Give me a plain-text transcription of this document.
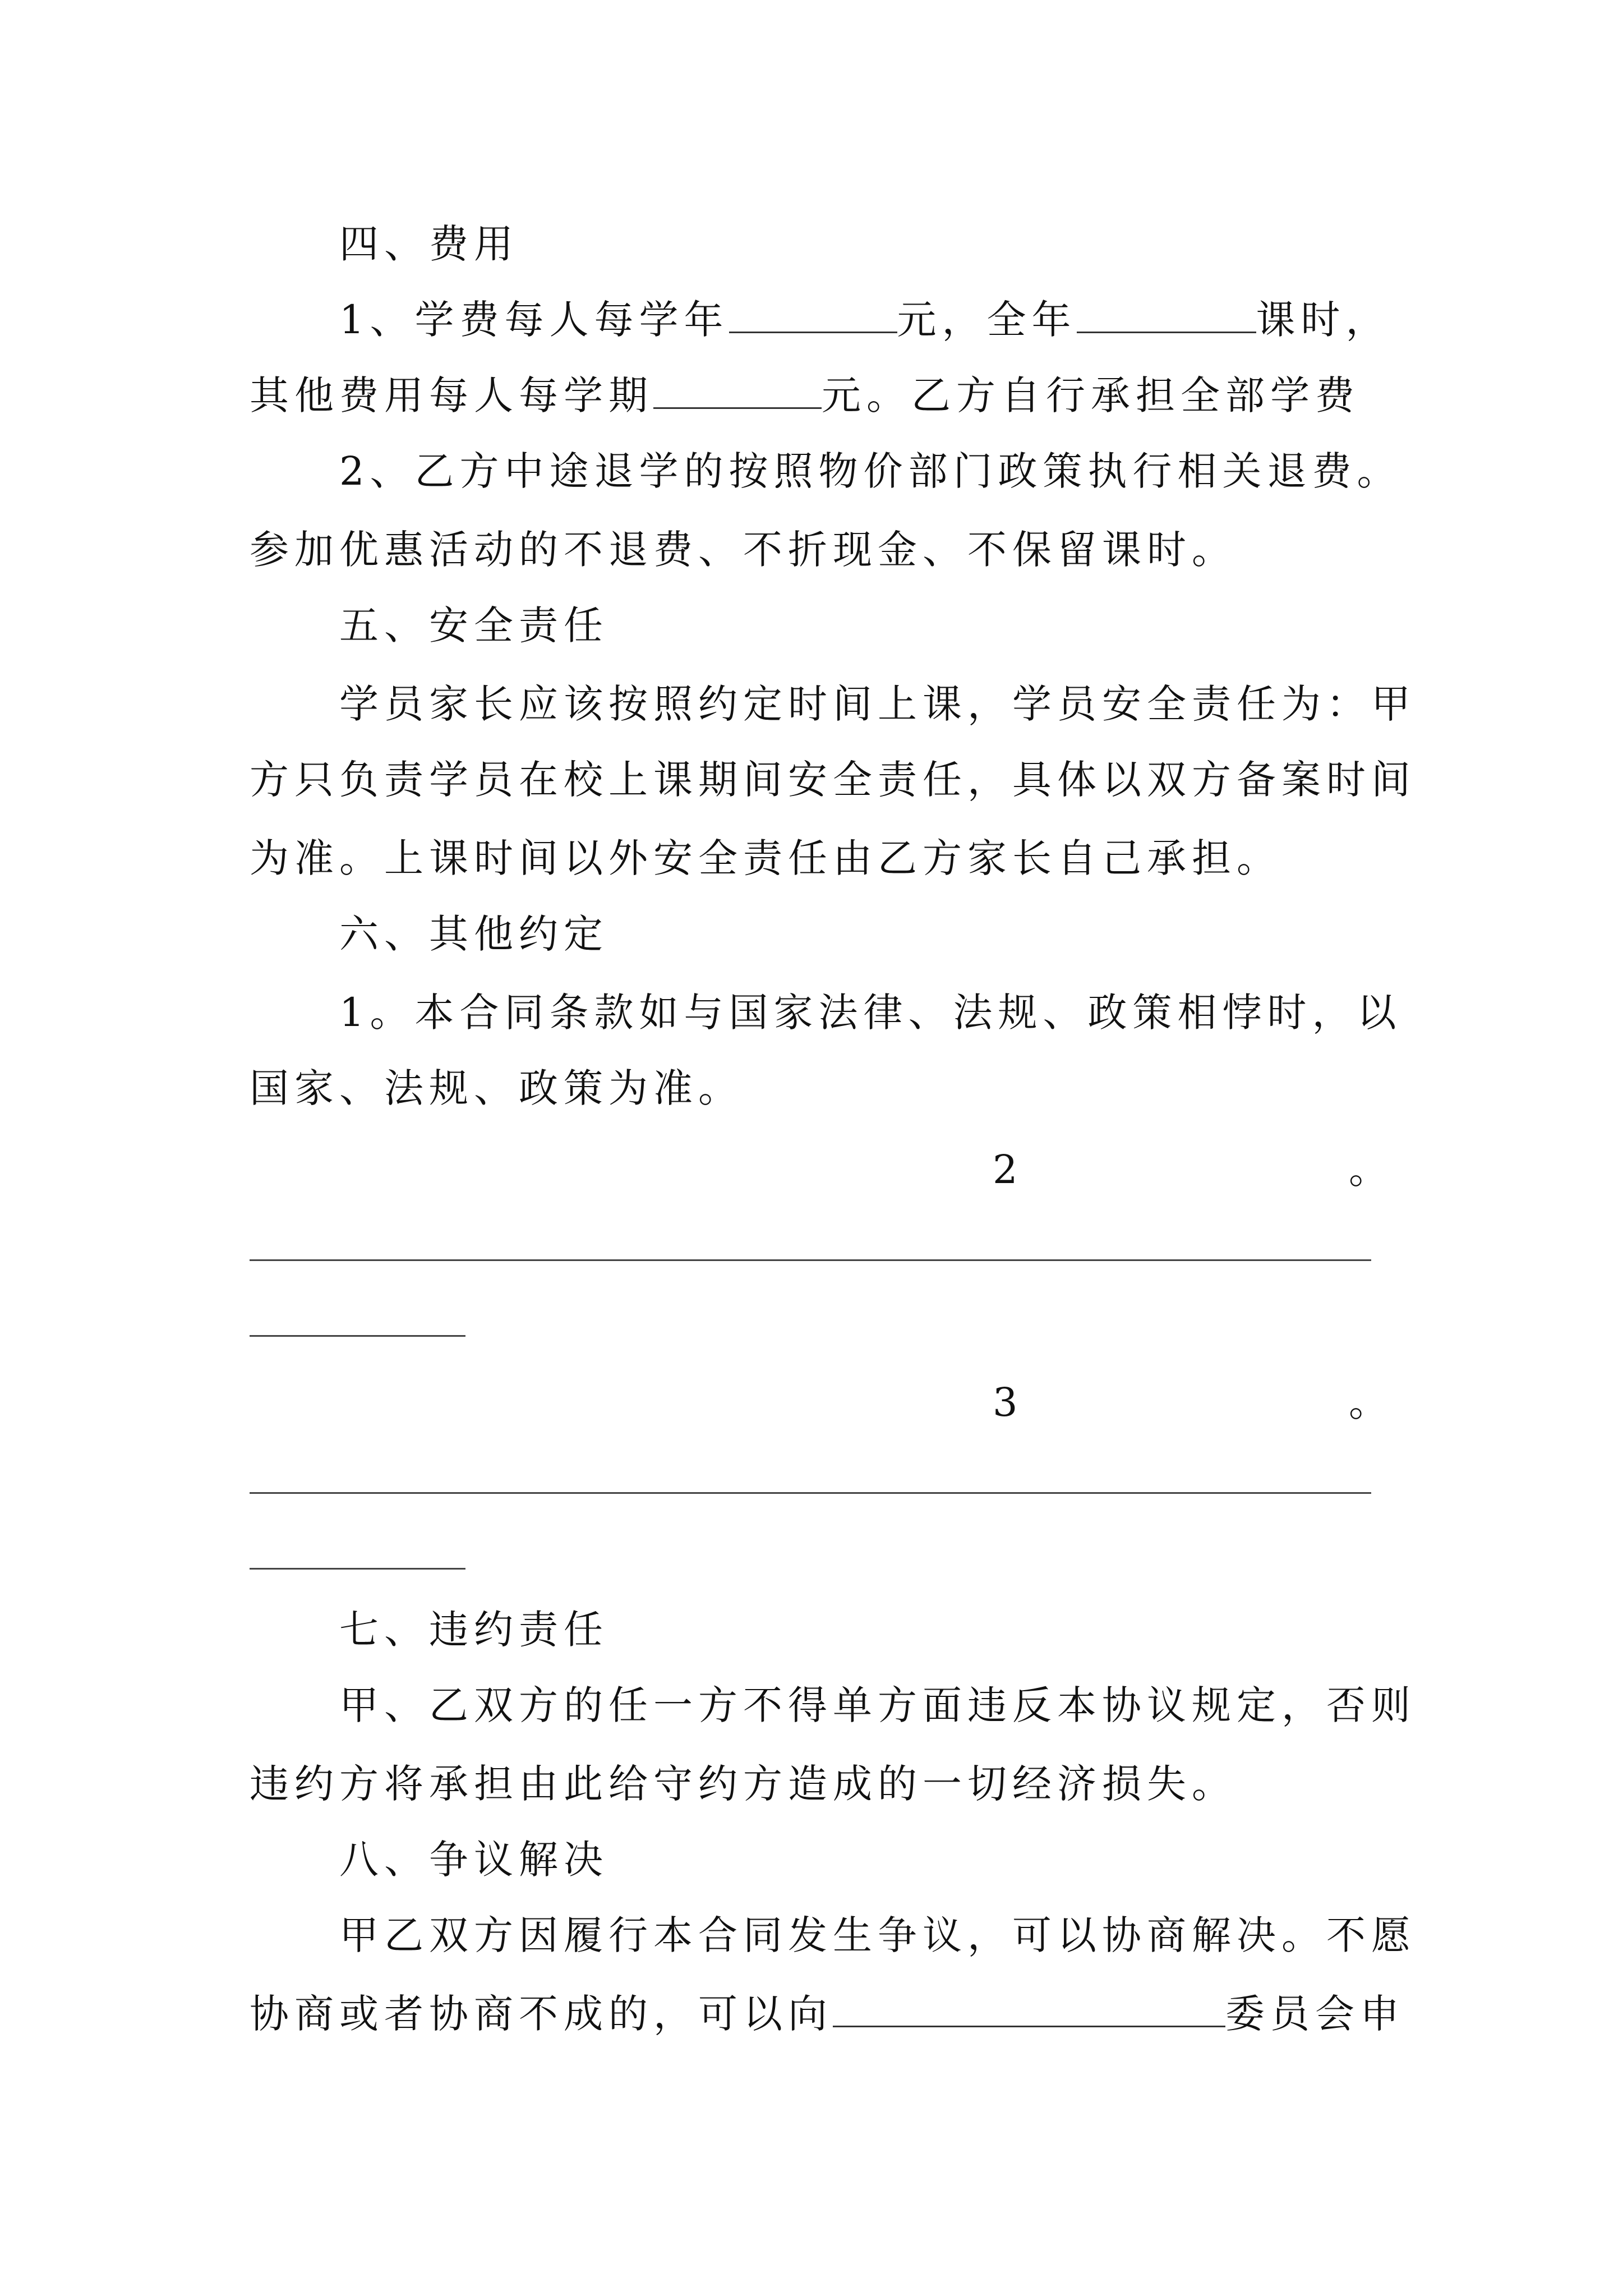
四、费用
1、学费每人每学年	元，全年	课时，
其他费用每人每学期	元。乙方自行承担全部学费
2、乙方中途退学的按照物价部门政策执行相关退费。
参加优惠活动的不退费、不折现金、不保留课时。
五、安全责任
学员家长应该按照约定时间上课，学员安全责任为：甲
方只负责学员在校上课期间安全责任，具体以双方备案时间
为准。上课时间以外安全责任由乙方家长自己承担。
六、其他约定
1。本合同条款如与国家法律、法规、政策相悖时，以
国家、法规、政策为准。
2	。
3	。
七、违约责任
甲、乙双方的任一方不得单方面违反本协议规定，否则
违约方将承担由此给守约方造成的一切经济损失。
八、争议解决
甲乙双方因履行本合同发生争议，可以协商解决。不愿
协商或者协商不成的，可以向	委员会申
